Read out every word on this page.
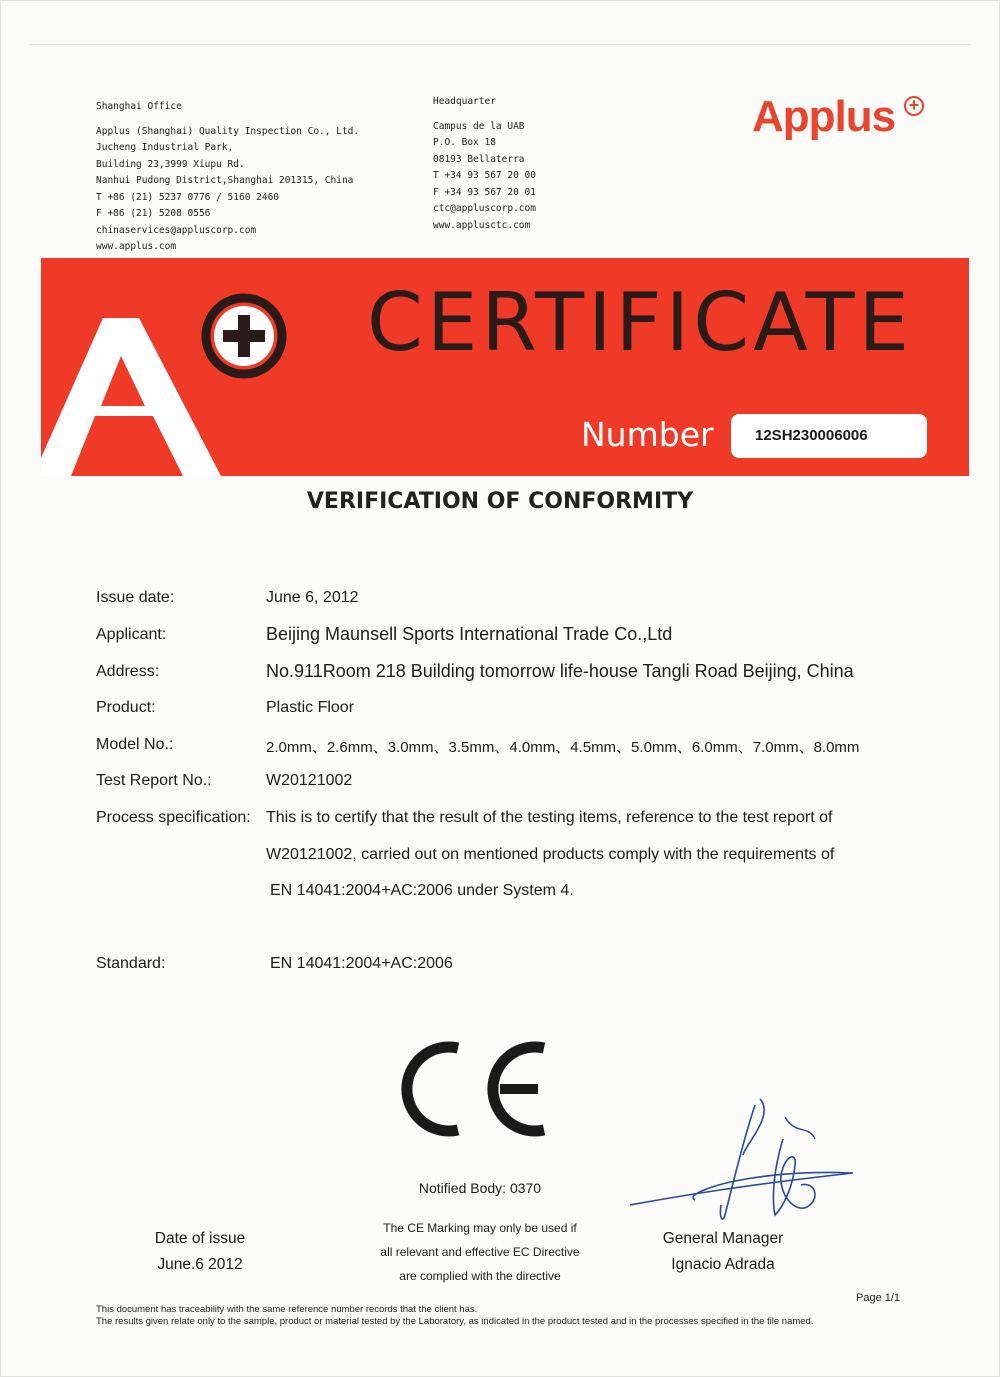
Shanghai Office
Applus (Shanghai) Quality Inspection Co., Ltd.
Jucheng Industrial Park,
Building 23,3999 Xiupu Rd.
Nanhui Pudong District,Shanghai 201315, China
T +86 (21) 5237 0776 / 5160 2460
F +86 (21) 5208 0556
chinaservices@appluscorp.com
www.applus.com
Headquarter
Campus de la UAB
P.O. Box 18
08193 Bellaterra
T +34 93 567 20 00
F +34 93 567 20 01
ctc@appluscorp.com
www.applusctc.com
Applus +
CERTIFICATE
Number	12SH230006006
VERIFICATION OF CONFORMITY
Issue date:	June 6, 2012
Applicant:	Beijing Maunsell Sports International Trade Co.,Ltd
Address:	No.911Room 218 Building tomorrow life-house Tangli Road Beijing, China
Product:	Plastic Floor
Model No.:	2.0mm、2.6mm、3.0mm、3.5mm、4.0mm、4.5mm、5.0mm、6.0mm、7.0mm、8.0mm
Test Report No.:	W20121002
Process specification: This is to certify that the result of the testing items, reference to the test report of
W20121002, carried out on mentioned products comply with the requirements of
EN 14041:2004+AC:2006 under System 4.
Standard:	EN 14041:2004+AC:2006
Notified Body: 0370
The CE Marking may only be used if
all relevant and effective EC Directive
are complied with the directive
Date of issue
June.6 2012
General Manager
Ignacio Adrada
Page 1/1
This document has traceability with the same reference number records that the client has.
The results given relate only to the sample, product or material tested by the Laboratory, as indicated in the product tested and in the processes specified in the file named.
